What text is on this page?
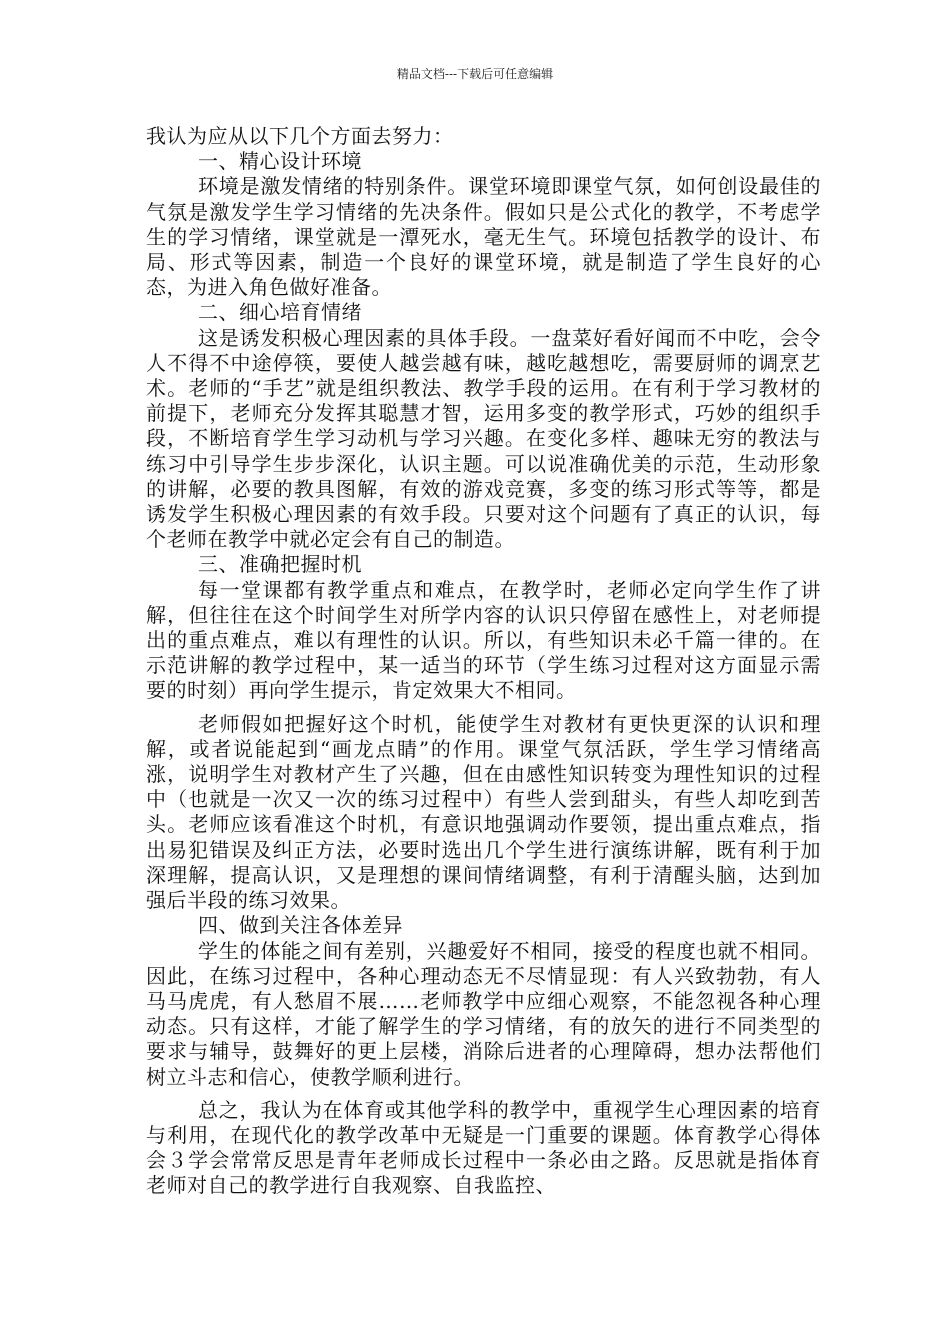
精品文档---下载后可任意编辑

我认为应从以下几个方面去努力：

一、精心设计环境

环境是激发情绪的特别条件。课堂环境即课堂气氛，如何创设最佳的气氛是激发学生学习情绪的先决条件。假如只是公式化的教学，不考虑学生的学习情绪，课堂就是一潭死水，毫无生气。环境包括教学的设计、布局、形式等因素，制造一个良好的课堂环境，就是制造了学生良好的心态，为进入角色做好准备。

二、细心培育情绪

这是诱发积极心理因素的具体手段。一盘菜好看好闻而不中吃，会令人不得不中途停筷，要使人越尝越有味，越吃越想吃，需要厨师的调烹艺术。老师的“手艺”就是组织教法、教学手段的运用。在有利于学习教材的前提下，老师充分发挥其聪慧才智，运用多变的教学形式，巧妙的组织手段，不断培育学生学习动机与学习兴趣。在变化多样、趣味无穷的教法与练习中引导学生步步深化，认识主题。可以说准确优美的示范，生动形象的讲解，必要的教具图解，有效的游戏竞赛，多变的练习形式等等，都是诱发学生积极心理因素的有效手段。只要对这个问题有了真正的认识，每个老师在教学中就必定会有自己的制造。

三、准确把握时机

每一堂课都有教学重点和难点，在教学时，老师必定向学生作了讲解，但往往在这个时间学生对所学内容的认识只停留在感性上，对老师提出的重点难点，难以有理性的认识。所以，有些知识未必千篇一律的。在示范讲解的教学过程中，某一适当的环节（学生练习过程对这方面显示需要的时刻）再向学生提示，肯定效果大不相同。

老师假如把握好这个时机，能使学生对教材有更快更深的认识和理解，或者说能起到“画龙点睛”的作用。课堂气氛活跃，学生学习情绪高涨，说明学生对教材产生了兴趣，但在由感性知识转变为理性知识的过程中（也就是一次又一次的练习过程中）有些人尝到甜头，有些人却吃到苦头。老师应该看准这个时机，有意识地强调动作要领，提出重点难点，指出易犯错误及纠正方法，必要时选出几个学生进行演练讲解，既有利于加深理解，提高认识，又是理想的课间情绪调整，有利于清醒头脑，达到加强后半段的练习效果。

四、做到关注各体差异

学生的体能之间有差别，兴趣爱好不相同，接受的程度也就不相同。因此，在练习过程中，各种心理动态无不尽情显现：有人兴致勃勃，有人马马虎虎，有人愁眉不展……老师教学中应细心观察，不能忽视各种心理动态。只有这样，才能了解学生的学习情绪，有的放矢的进行不同类型的要求与辅导，鼓舞好的更上层楼，消除后进者的心理障碍，想办法帮他们树立斗志和信心，使教学顺利进行。

总之，我认为在体育或其他学科的教学中，重视学生心理因素的培育与利用，在现代化的教学改革中无疑是一门重要的课题。体育教学心得体会３学会常常反思是青年老师成长过程中一条必由之路。反思就是指体育老师对自己的教学进行自我观察、自我监控、
